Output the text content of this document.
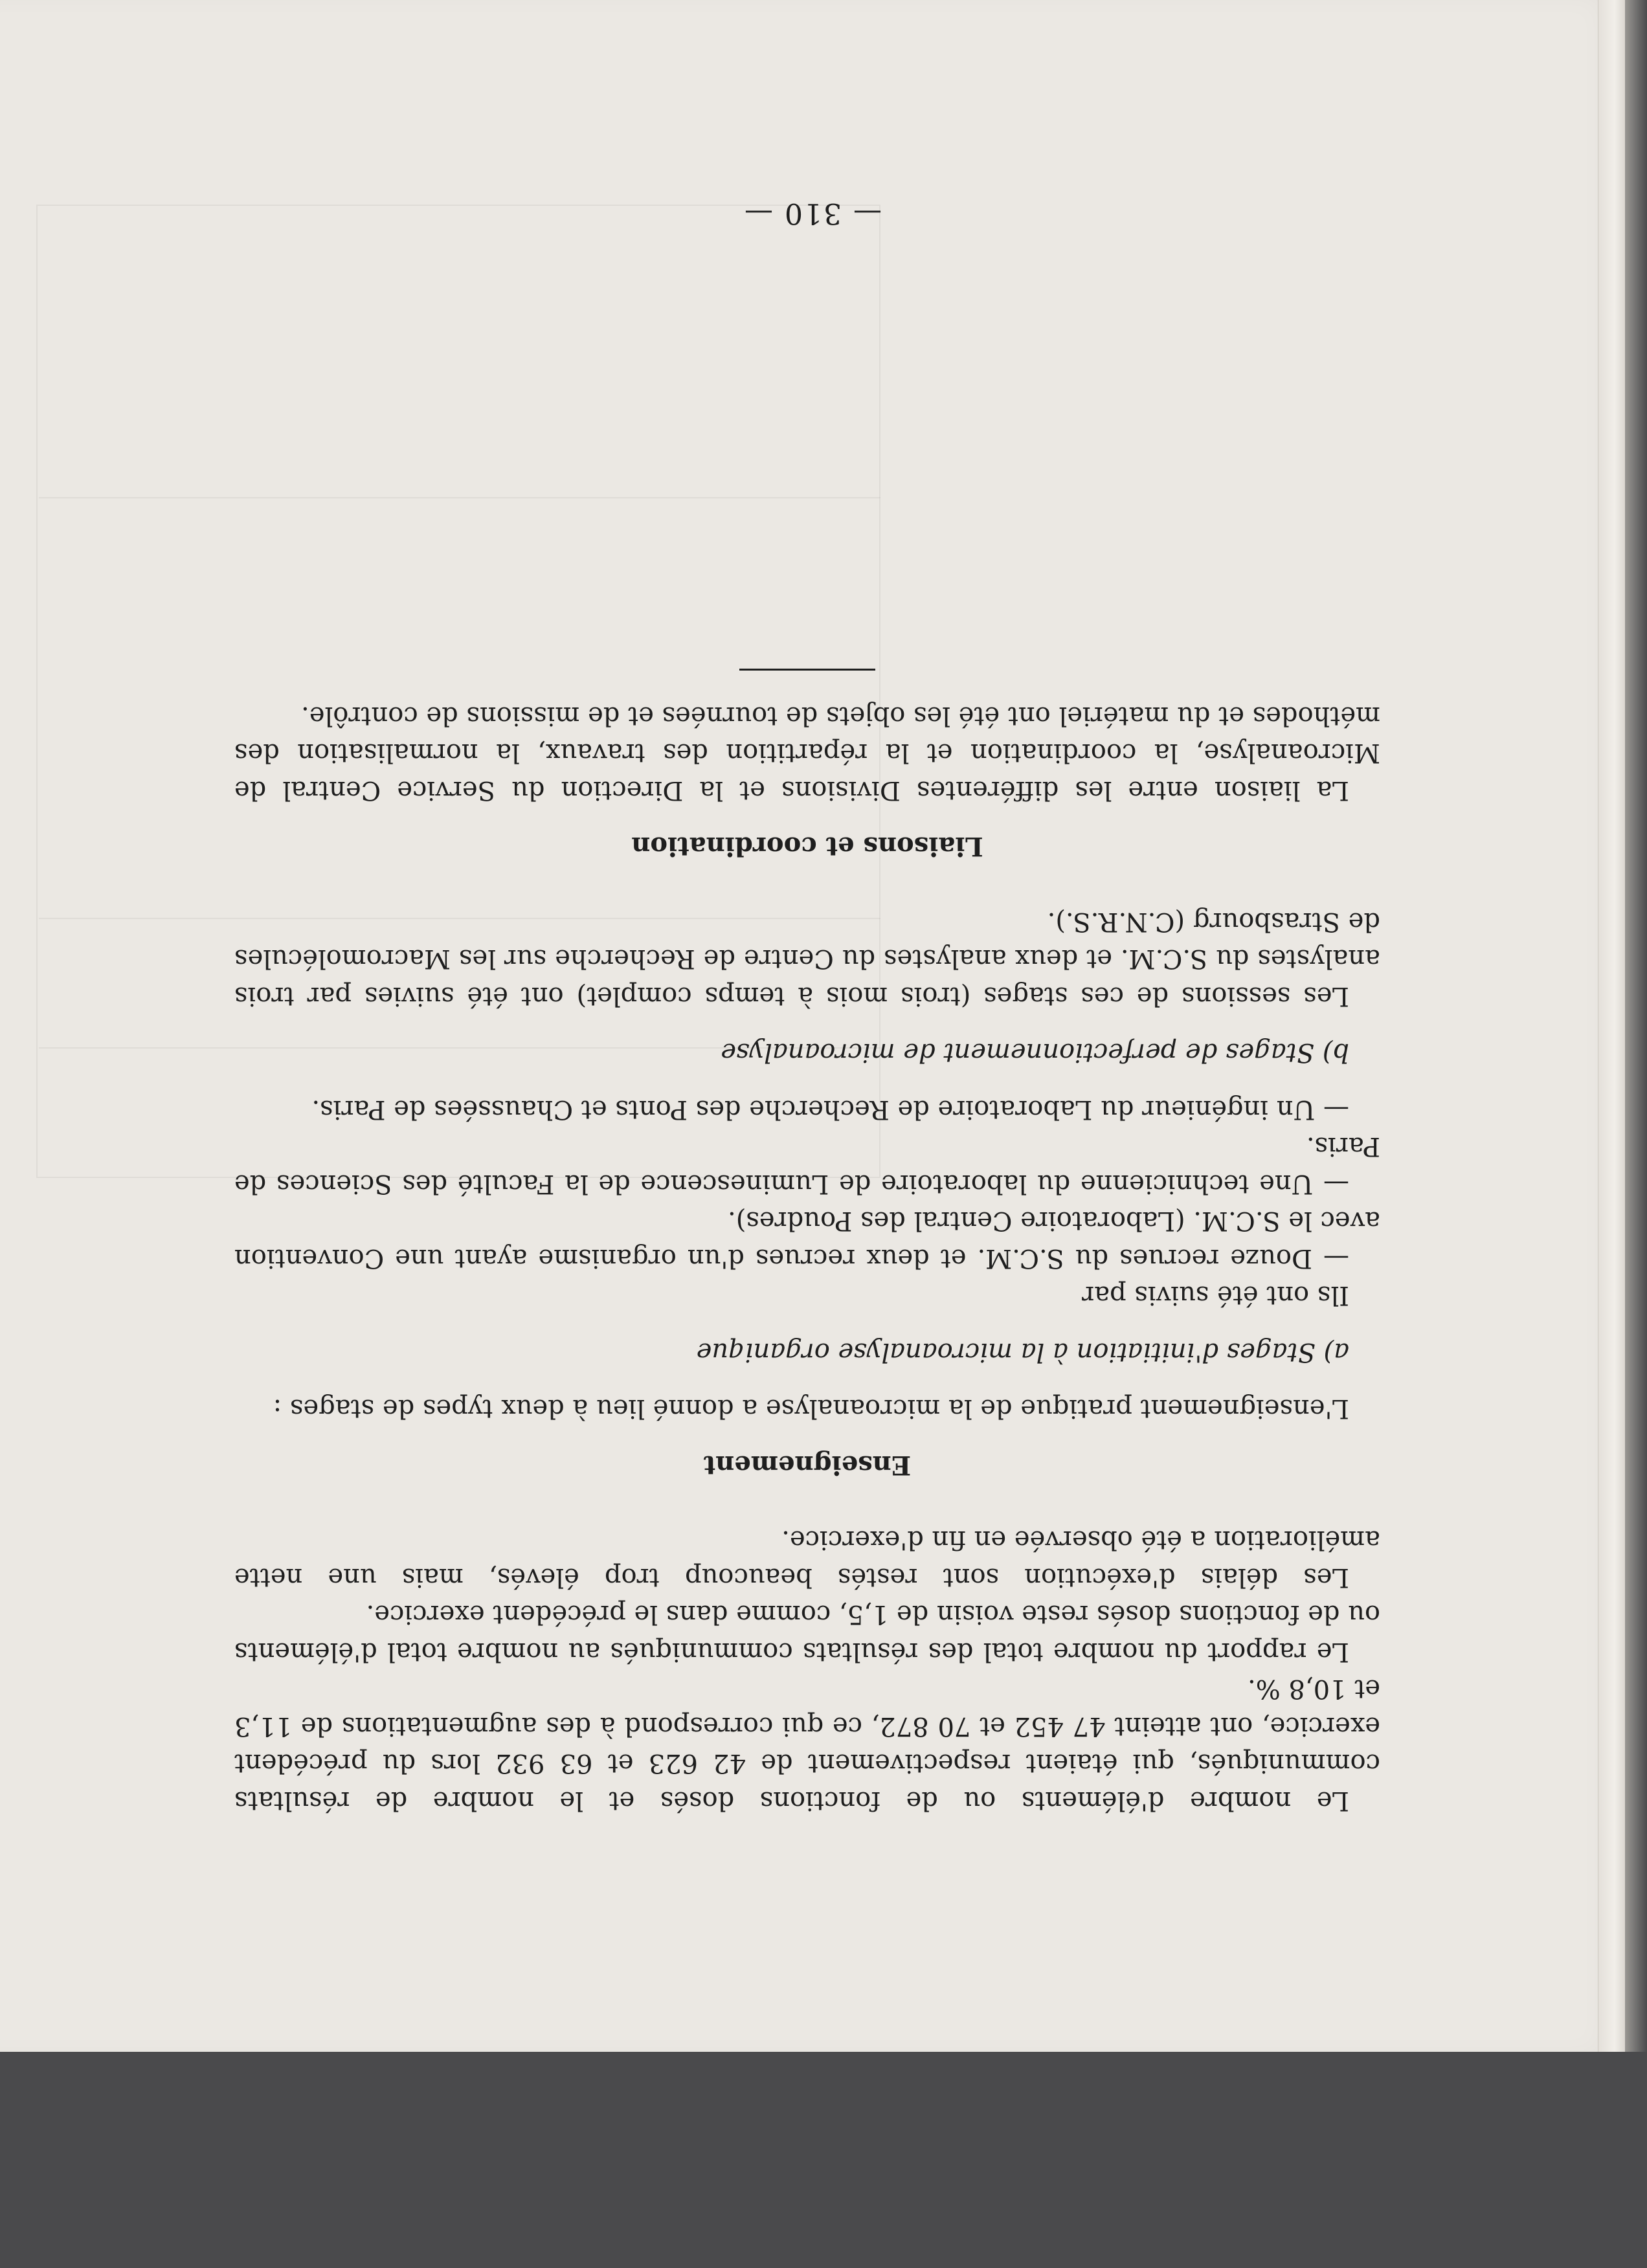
Le nombre d'éléments ou de fonctions dosés et le nombre de résultats communiqués, qui étaient respectivement de 42 623 et 63 932 lors du précédent exercice, ont atteint 47 452 et 70 872, ce qui correspond à des augmentations de 11,3 et 10,8 %.

Le rapport du nombre total des résultats communiqués au nombre total d'éléments ou de fonctions dosés reste voisin de 1,5, comme dans le précédent exercice.

Les délais d'exécution sont restés beaucoup trop élevés, mais une nette amélioration a été observée en fin d'exercice.

Enseignement

L'enseignement pratique de la microanalyse a donné lieu à deux types de stages :

a) Stages d'initiation à la microanalyse organique

Ils ont été suivis par

— Douze recrues du S.C.M. et deux recrues d'un organisme ayant une Convention avec le S.C.M. (Laboratoire Central des Poudres).

— Une technicienne du laboratoire de Luminescence de la Faculté des Sciences de Paris.

— Un ingénieur du Laboratoire de Recherche des Ponts et Chaussées de Paris.

b) Stages de perfectionnement de microanalyse

Les sessions de ces stages (trois mois à temps complet) ont été suivies par trois analystes du S.C.M. et deux analystes du Centre de Recherche sur les Macromolécules de Strasbourg (C.N.R.S.).

Liaisons et coordination

La liaison entre les différentes Divisions et la Direction du Service Central de Microanalyse, la coordination et la répartition des travaux, la normalisation des méthodes et du matériel ont été les objets de tournées et de missions de contrôle.

— 310 —
